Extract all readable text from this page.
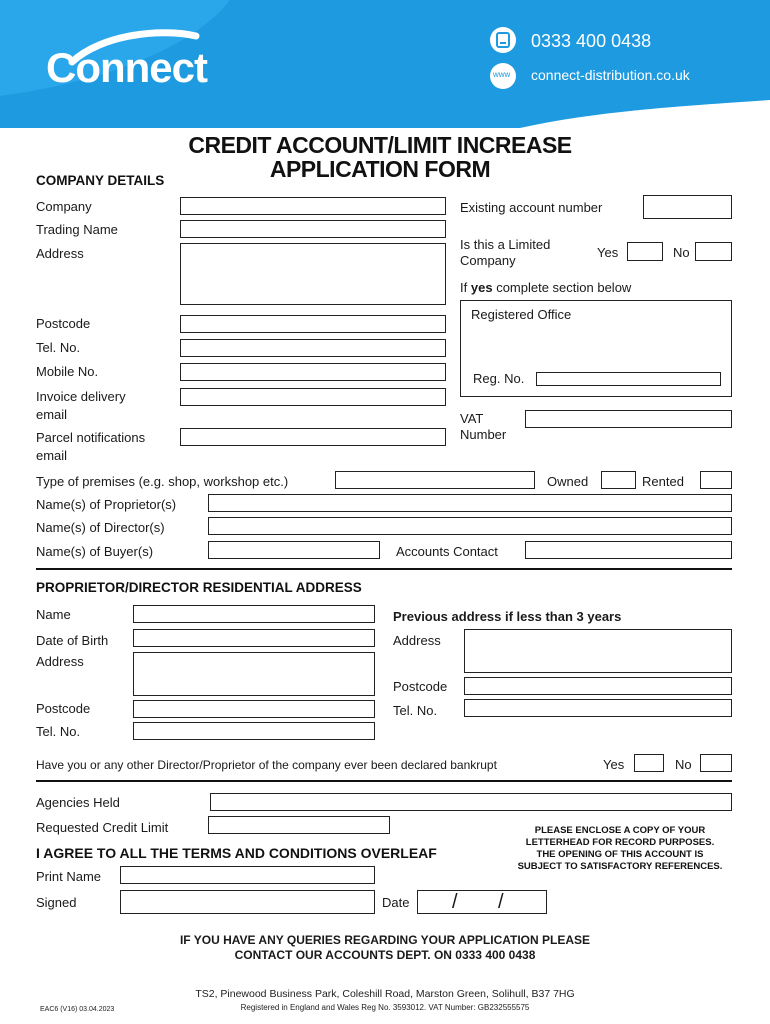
Connect
0333 400 0438
www connect-distribution.co.uk
CREDIT ACCOUNT/LIMIT INCREASE
APPLICATION FORM
COMPANY DETAILS
Company
Trading Name
Address
Postcode
Tel. No.
Mobile No.
Invoice delivery
email
Parcel notifications
email
Existing account number
Is this a Limited
Company
Yes	No
If yes complete section below
Registered Office
Reg. No.
VAT
Number
Type of premises (e.g. shop, workshop etc.)	Owned	Rented
Name(s) of Proprietor(s)
Name(s) of Director(s)
Name(s) of Buyer(s)	Accounts Contact
PROPRIETOR/DIRECTOR RESIDENTIAL ADDRESS
Name
Date of Birth
Address
Postcode
Tel. No.
Previous address if less than 3 years
Address
Postcode
Tel. No.
Have you or any other Director/Proprietor of the company ever been declared bankrupt	Yes	No
Agencies Held
Requested Credit Limit
I AGREE TO ALL THE TERMS AND CONDITIONS OVERLEAF
PLEASE ENCLOSE A COPY OF YOUR
LETTERHEAD FOR RECORD PURPOSES.
THE OPENING OF THIS ACCOUNT IS
SUBJECT TO SATISFACTORY REFERENCES.
Print Name
Signed	Date / /
IF YOU HAVE ANY QUERIES REGARDING YOUR APPLICATION PLEASE
CONTACT OUR ACCOUNTS DEPT. ON 0333 400 0438
TS2, Pinewood Business Park, Coleshill Road, Marston Green, Solihull, B37 7HG
Registered in England and Wales Reg No. 3593012. VAT Number: GB232555575
EAC6 (V16) 03.04.2023
